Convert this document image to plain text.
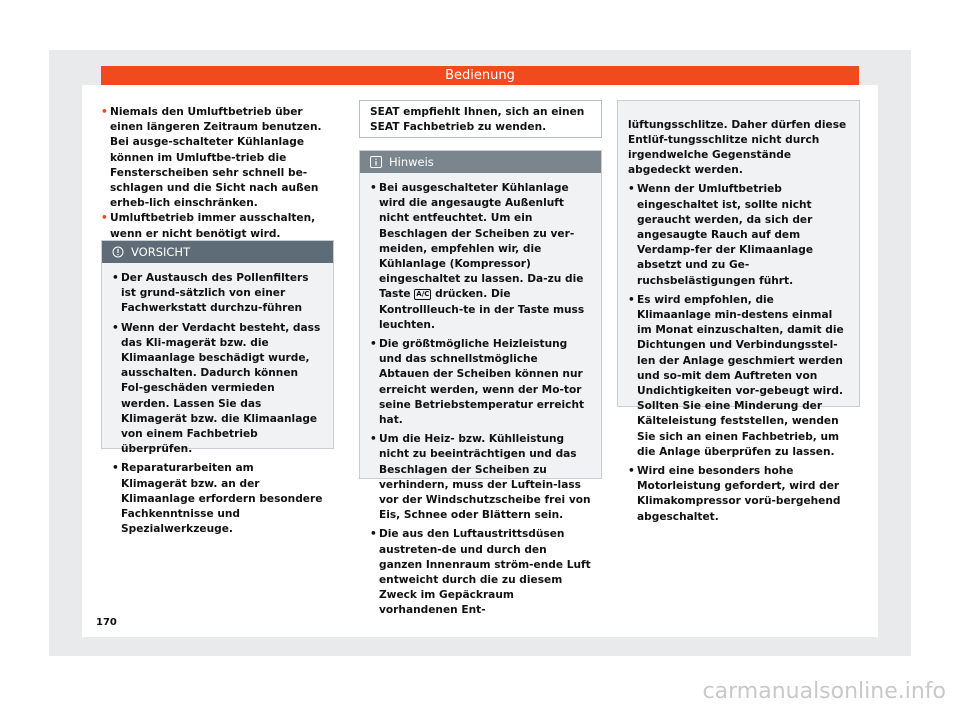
Bedienung
• Niemals den Umluftbetrieb über einen längeren Zeitraum benutzen. Bei ausge-schalteter Kühlanlage können im Umluftbe-trieb die Fensterscheiben sehr schnell be-schlagen und die Sicht nach außen erheb-lich einschränken.
• Umluftbetrieb immer ausschalten, wenn er nicht benötigt wird.
VORSICHT
• Der Austausch des Pollenfilters ist grund-sätzlich von einer Fachwerkstatt durchzu-führen
• Wenn der Verdacht besteht, dass das Kli-magerät bzw. die Klimaanlage beschädigt wurde, ausschalten. Dadurch können Fol-geschäden vermieden werden. Lassen Sie das Klimagerät bzw. die Klimaanlage von einem Fachbetrieb überprüfen.
• Reparaturarbeiten am Klimagerät bzw. an der Klimaanlage erfordern besondere Fachkenntnisse und Spezialwerkzeuge.
SEAT empfiehlt Ihnen, sich an einen SEAT Fachbetrieb zu wenden.
Hinweis
• Bei ausgeschalteter Kühlanlage wird die angesaugte Außenluft nicht entfeuchtet. Um ein Beschlagen der Scheiben zu ver-meiden, empfehlen wir, die Kühlanlage (Kompressor) eingeschaltet zu lassen. Da-zu die Taste A/C drücken. Die Kontrollleuch-te in der Taste muss leuchten.
• Die größtmögliche Heizleistung und das schnellstmögliche Abtauen der Scheiben können nur erreicht werden, wenn der Mo-tor seine Betriebstemperatur erreicht hat.
• Um die Heiz- bzw. Kühlleistung nicht zu beeinträchtigen und das Beschlagen der Scheiben zu verhindern, muss der Luftein-lass vor der Windschutzscheibe frei von Eis, Schnee oder Blättern sein.
• Die aus den Luftaustrittsdüsen austreten-de und durch den ganzen Innenraum ström-ende Luft entweicht durch die zu diesem Zweck im Gepäckraum vorhandenen Ent-

lüftungsschlitze. Daher dürfen diese Entlüf-tungsschlitze nicht durch irgendwelche Gegenstände abgedeckt werden.

• Wenn der Umluftbetrieb eingeschaltet ist, sollte nicht geraucht werden, da sich der angesaugte Rauch auf dem Verdamp-fer der Klimaanlage absetzt und zu Ge-ruchsbelästigungen führt.
• Es wird empfohlen, die Klimaanlage min-destens einmal im Monat einzuschalten, damit die Dichtungen und Verbindungsstel-len der Anlage geschmiert werden und so-mit dem Auftreten von Undichtigkeiten vor-gebeugt wird. Sollten Sie eine Minderung der Kälteleistung feststellen, wenden Sie sich an einen Fachbetrieb, um die Anlage überprüfen zu lassen.
• Wird eine besonders hohe Motorleistung gefordert, wird der Klimakompressor vorü-bergehend abgeschaltet.
170
carmanualsonline.info
